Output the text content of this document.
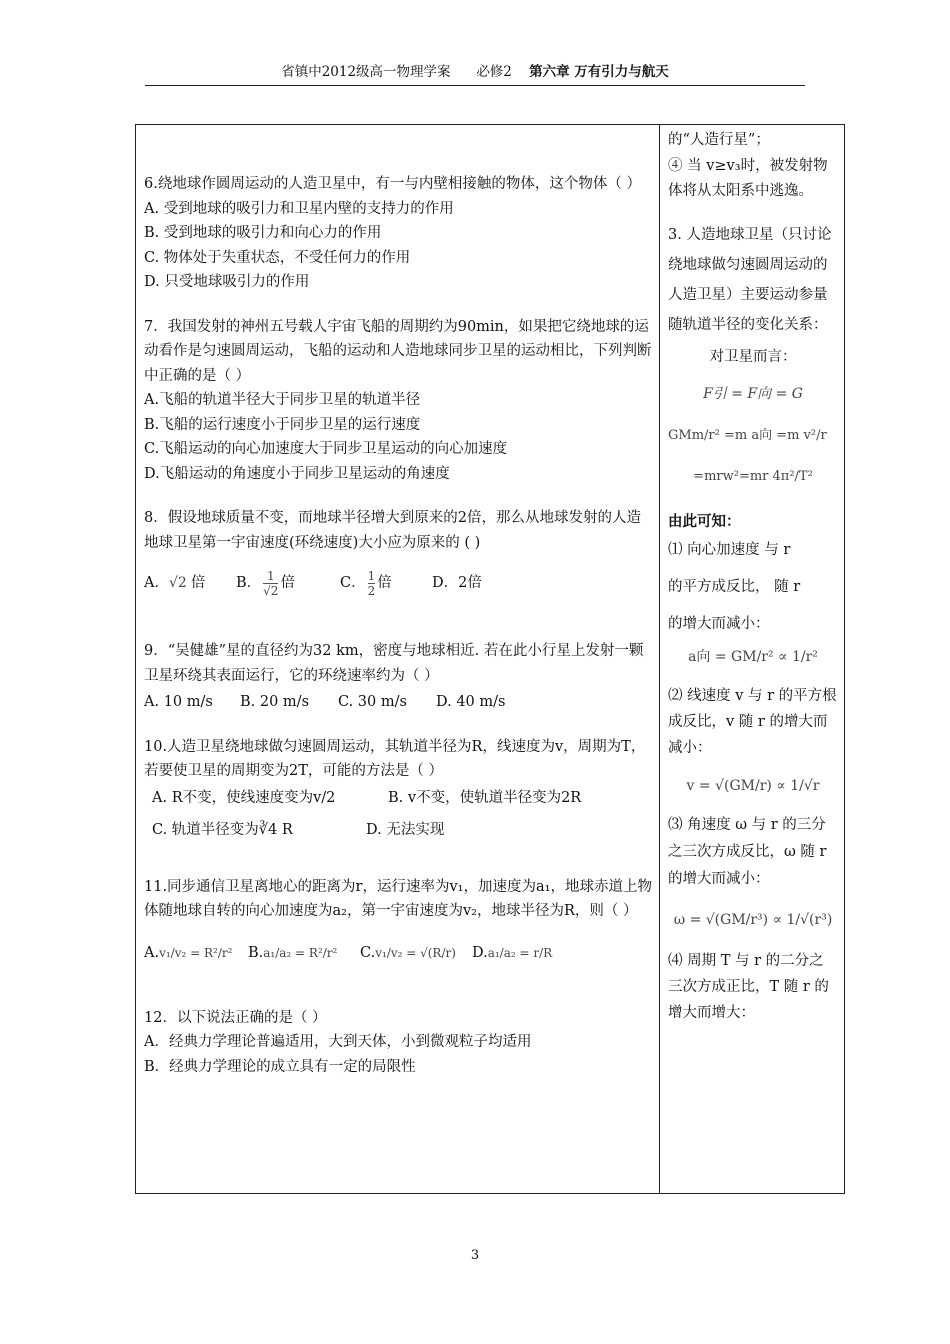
省镇中2012级高一物理学案 必修2 第六章 万有引力与航天

6.绕地球作圆周运动的人造卫星中，有一与内壁相接触的物体，这个物体（ ）

A. 受到地球的吸引力和卫星内壁的支持力的作用

B. 受到地球的吸引力和向心力的作用

C. 物体处于失重状态，不受任何力的作用

D. 只受地球吸引力的作用

7．我国发射的神州五号载人宇宙飞船的周期约为90min，如果把它绕地球的运动看作是匀速圆周运动，飞船的运动和人造地球同步卫星的运动相比，下列判断中正确的是（ ）

A.飞船的轨道半径大于同步卫星的轨道半径

B.飞船的运行速度小于同步卫星的运行速度

C.飞船运动的向心加速度大于同步卫星运动的向心加速度

D.飞船运动的角速度小于同步卫星运动的角速度

8．假设地球质量不变，而地球半径增大到原来的2倍，那么从地球发射的人造地球卫星第一宇宙速度(环绕速度)大小应为原来的 ( )

A． √2 倍 B． $\frac{1}{√2}$ 倍	C． $\frac{1}{2}$ 倍	D．2倍

9．“吴健雄”星的直径约为32 km，密度与地球相近. 若在此小行星上发射一颗卫星环绕其表面运行，它的环绕速率约为（ ）

A. 10 m/s	B. 20 m/s	C. 30 m/s	D. 40 m/s

10.人造卫星绕地球做匀速圆周运动，其轨道半径为R，线速度为v，周期为T，若要使卫星的周期变为2T，可能的方法是（ ）

A. R不变，使线速度变为v/2	B. v不变，使轨道半径变为2R
C. 轨道半径变为∛4 R	D. 无法实现

11.同步通信卫星离地心的距离为r，运行速率为v₁，加速度为a₁，地球赤道上物体随地球自转的向心加速度为a₂，第一宇宙速度为v₂，地球半径为R，则（ ）

A. v₁/v₂ = R²/r² B. a₁/a₂ = R²/r² C. v₁/v₂ = √(R/r) D. a₁/a₂ = r/R

12．以下说法正确的是（ ）

A．经典力学理论普遍适用，大到天体，小到微观粒子均适用

B．经典力学理论的成立具有一定的局限性

的“人造行星”；

④ 当 v≥v₃时，被发射物体将从太阳系中逃逸。

3. 人造地球卫星（只讨论绕地球做匀速圆周运动的人造卫星）主要运动参量随轨道半径的变化关系：

对卫星而言：

F引 = F向 = G

GMm/r² =m a向 =m v²/r

=mrw²=mr 4π²/T²

由此可知：

⑴ 向心加速度 与 r

的平方成反比， 随 r

的增大而减小：

a向 = GM/r² ∝ 1/r²

⑵ 线速度 v 与 r 的平方根成反比，v 随 r 的增大而减小：

v = √(GM/r) ∝ 1/√r

⑶ 角速度 ω 与 r 的三分之三次方成反比，ω 随 r 的增大而减小：

ω = √(GM/r³) ∝ 1/√(r³)

⑷ 周期 T 与 r 的二分之三次方成正比，T 随 r 的增大而增大：

3
